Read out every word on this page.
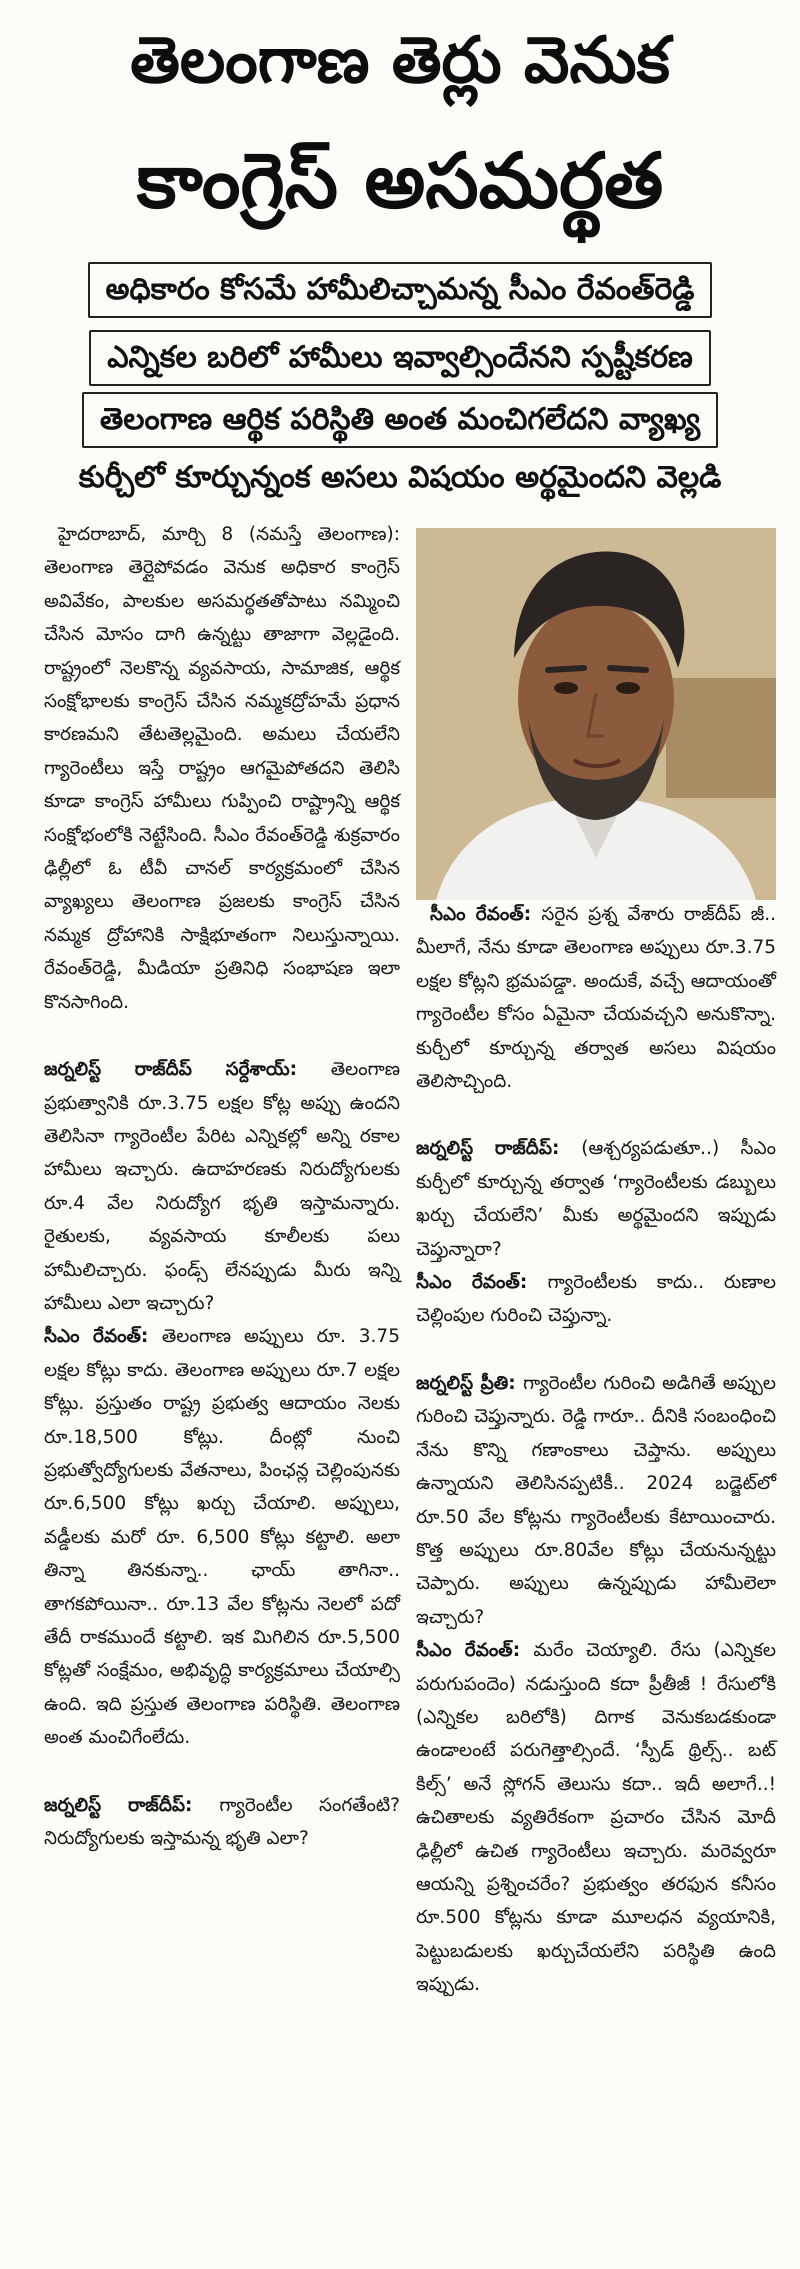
తెలంగాణ తెర్లు వెనుక
కాంగ్రెస్ అసమర్థత
అధికారం కోసమే హామీలిచ్చామన్న సీఎం రేవంత్‌రెడ్డి
ఎన్నికల బరిలో హామీలు ఇవ్వాల్సిందేనని స్పష్టీకరణ
తెలంగాణ ఆర్థిక పరిస్థితి అంత మంచిగలేదని వ్యాఖ్య
కుర్చీలో కూర్చున్నంక అసలు విషయం అర్థమైందని వెల్లడి

హైదరాబాద్, మార్చి 8 (నమస్తే తెలంగాణ): తెలంగాణ తెర్లైపోవడం వెనుక అధికార కాంగ్రెస్ అవివేకం, పాలకుల అసమర్థతతోపాటు నమ్మించి చేసిన మోసం దాగి ఉన్నట్టు తాజాగా వెల్లడైంది. రాష్ట్రంలో నెలకొన్న వ్యవసాయ, సామాజిక, ఆర్థిక సంక్షోభాలకు కాంగ్రెస్ చేసిన నమ్మకద్రోహమే ప్రధాన కారణమని తేటతెల్లమైంది. అమలు చేయలేని గ్యారెంటీలు ఇస్తే రాష్ట్రం ఆగమైపోతదని తెలిసి కూడా కాంగ్రెస్ హామీలు గుప్పించి రాష్ట్రాన్ని ఆర్థిక సంక్షోభంలోకి నెట్టేసింది. సీఎం రేవంత్‌రెడ్డి శుక్రవారం ఢిల్లీలో ఓ టీవీ చానల్ కార్యక్రమంలో చేసిన వ్యాఖ్యలు తెలంగాణ ప్రజలకు కాంగ్రెస్ చేసిన నమ్మక ద్రోహానికి సాక్షిభూతంగా నిలుస్తున్నాయి. రేవంత్‌రెడ్డి, మీడియా ప్రతినిధి సంభాషణ ఇలా కొనసాగింది.

జర్నలిస్ట్ రాజ్‌దీప్ సర్దేశాయ్: తెలంగాణ ప్రభుత్వానికి రూ.3.75 లక్షల కోట్ల అప్పు ఉందని తెలిసినా గ్యారెంటీల పేరిట ఎన్నికల్లో అన్ని రకాల హామీలు ఇచ్చారు. ఉదాహరణకు నిరుద్యోగులకు రూ.4 వేల నిరుద్యోగ భృతి ఇస్తామన్నారు. రైతులకు, వ్యవసాయ కూలీలకు పలు హామీలిచ్చారు. ఫండ్స్ లేనప్పుడు మీరు ఇన్ని హామీలు ఎలా ఇచ్చారు?

సీఎం రేవంత్: తెలంగాణ అప్పులు రూ. 3.75 లక్షల కోట్లు కాదు. తెలంగాణ అప్పులు రూ.7 లక్షల కోట్లు. ప్రస్తుతం రాష్ట్ర ప్రభుత్వ ఆదాయం నెలకు రూ.18,500 కోట్లు. దీంట్లో నుంచి ప్రభుత్వోద్యోగులకు వేతనాలు, పింఛన్ల చెల్లింపునకు రూ.6,500 కోట్లు ఖర్చు చేయాలి. అప్పులు, వడ్డీలకు మరో రూ. 6,500 కోట్లు కట్టాలి. అలా తిన్నా తినకున్నా.. ఛాయ్ తాగినా.. తాగకపోయినా.. రూ.13 వేల కోట్లను నెలలో పదో తేదీ రాకముందే కట్టాలి. ఇక మిగిలిన రూ.5,500 కోట్లతో సంక్షేమం, అభివృద్ధి కార్యక్రమాలు చేయాల్సి ఉంది. ఇది ప్రస్తుత తెలంగాణ పరిస్థితి. తెలంగాణ అంత మంచిగేంలేదు.

జర్నలిస్ట్ రాజ్‌దీప్: గ్యారెంటీల సంగతేంటి? నిరుద్యోగులకు ఇస్తామన్న భృతి ఎలా?

సీఎం రేవంత్: సరైన ప్రశ్న వేశారు రాజ్‌దీప్ జీ.. మీలాగే, నేను కూడా తెలంగాణ అప్పులు రూ.3.75 లక్షల కోట్లని భ్రమపడ్డా. అందుకే, వచ్చే ఆదాయంతో గ్యారెంటీల కోసం ఏమైనా చేయవచ్చని అనుకొన్నా. కుర్చీలో కూర్చున్న తర్వాత అసలు విషయం తెలిసొచ్చింది.

జర్నలిస్ట్ రాజ్‌దీప్: (ఆశ్చర్యపడుతూ..) సీఎం కుర్చీలో కూర్చున్న తర్వాత ‘గ్యారెంటీలకు డబ్బులు ఖర్చు చేయలేని’ మీకు అర్థమైందని ఇప్పుడు చెప్తున్నారా?

సీఎం రేవంత్: గ్యారెంటీలకు కాదు.. రుణాల చెల్లింపుల గురించి చెప్తున్నా.

జర్నలిస్ట్ ప్రీతి: గ్యారెంటీల గురించి అడిగితే అప్పుల గురించి చెప్తున్నారు. రెడ్డి గారూ.. దీనికి సంబంధించి నేను కొన్ని గణాంకాలు చెప్తాను. అప్పులు ఉన్నాయని తెలిసినప్పటికీ.. 2024 బడ్జెట్‌లో రూ.50 వేల కోట్లను గ్యారెంటీలకు కేటాయించారు. కొత్త అప్పులు రూ.80వేల కోట్లు చేయనున్నట్టు చెప్పారు. అప్పులు ఉన్నప్పుడు హామీలెలా ఇచ్చారు?

సీఎం రేవంత్: మరేం చెయ్యాలి. రేసు (ఎన్నికల పరుగుపందెం) నడుస్తుంది కదా ప్రీతీజీ ! రేసులోకి (ఎన్నికల బరిలోకి) దిగాక వెనుకబడకుండా ఉండాలంటే పరుగెత్తాల్సిందే. ‘స్పీడ్ థ్రిల్స్.. బట్ కిల్స్’ అనే స్లోగన్ తెలుసు కదా.. ఇదీ అలాగే..! ఉచితాలకు వ్యతిరేకంగా ప్రచారం చేసిన మోదీ ఢిల్లీలో ఉచిత గ్యారెంటీలు ఇచ్చారు. మరెవ్వరూ ఆయన్ని ప్రశ్నించరేం? ప్రభుత్వం తరఫున కనీసం రూ.500 కోట్లను కూడా మూలధన వ్యయానికి, పెట్టుబడులకు ఖర్చుచేయలేని పరిస్థితి ఉంది ఇప్పుడు.
